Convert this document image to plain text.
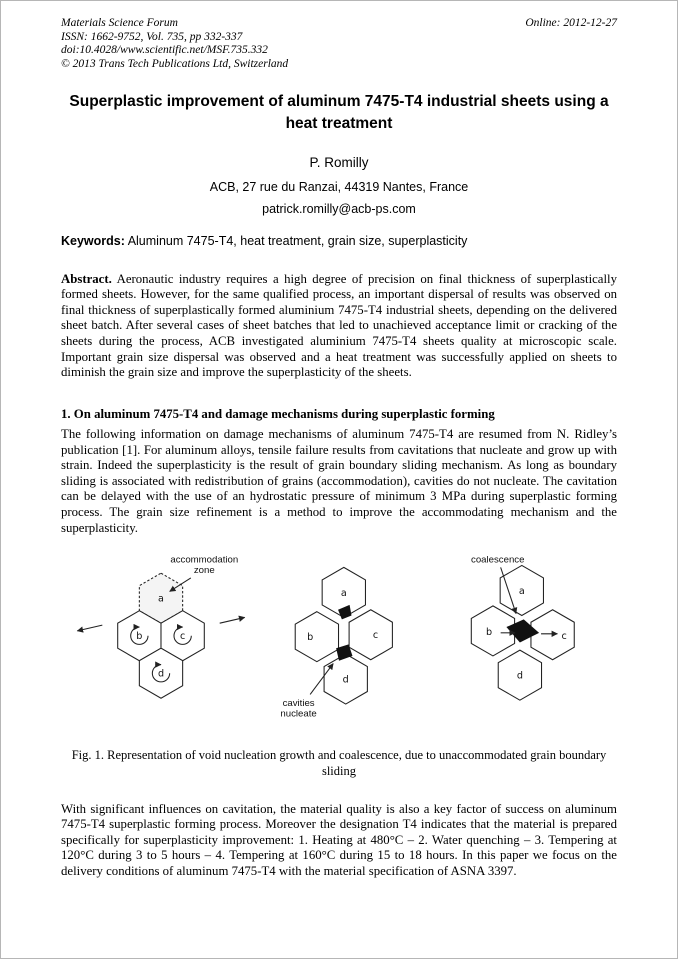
Materials Science Forum
ISSN: 1662-9752, Vol. 735, pp 332-337
doi:10.4028/www.scientific.net/MSF.735.332
© 2013 Trans Tech Publications Ltd, Switzerland
Online: 2012-12-27
Superplastic improvement of aluminum 7475-T4 industrial sheets using a heat treatment
P. Romilly
ACB, 27 rue du Ranzai, 44319 Nantes, France
patrick.romilly@acb-ps.com
Keywords: Aluminum 7475-T4, heat treatment, grain size, superplasticity
Abstract. Aeronautic industry requires a high degree of precision on final thickness of superplastically formed sheets. However, for the same qualified process, an important dispersal of results was observed on final thickness of superplastically formed aluminium 7475-T4 industrial sheets, depending on the delivered sheet batch. After several cases of sheet batches that led to unachieved acceptance limit or cracking of the sheets during the process, ACB investigated aluminium 7475-T4 sheets quality at microscopic scale. Important grain size dispersal was observed and a heat treatment was successfully applied on sheets to diminish the grain size and improve the superplasticity of the sheets.
1. On aluminum 7475-T4 and damage mechanisms during superplastic forming
The following information on damage mechanisms of aluminum 7475-T4 are resumed from N. Ridley’s publication [1]. For aluminum alloys, tensile failure results from cavitations that nucleate and grow up with strain. Indeed the superplasticity is the result of grain boundary sliding mechanism. As long as boundary sliding is associated with redistribution of grains (accommodation), cavities do not nucleate. The cavitation can be delayed with the use of an hydrostatic pressure of minimum 3 MPa during superplastic forming process. The grain size refinement is a method to improve the accommodating mechanism and the superplasticity.
accommodation
zone
a
b	c
d
cavities
nucleate
a
b	c
d
coalescence
a
b	c
d
Fig. 1. Representation of void nucleation growth and coalescence, due to unaccommodated grain boundary sliding
With significant influences on cavitation, the material quality is also a key factor of success on aluminum 7475-T4 superplastic forming process. Moreover the designation T4 indicates that the material is prepared specifically for superplasticity improvement: 1. Heating at 480°C – 2. Water quenching – 3. Tempering at 120°C during 3 to 5 hours – 4. Tempering at 160°C during 15 to 18 hours. In this paper we focus on the delivery conditions of aluminum 7475-T4 with the material specification of ASNA 3397.
